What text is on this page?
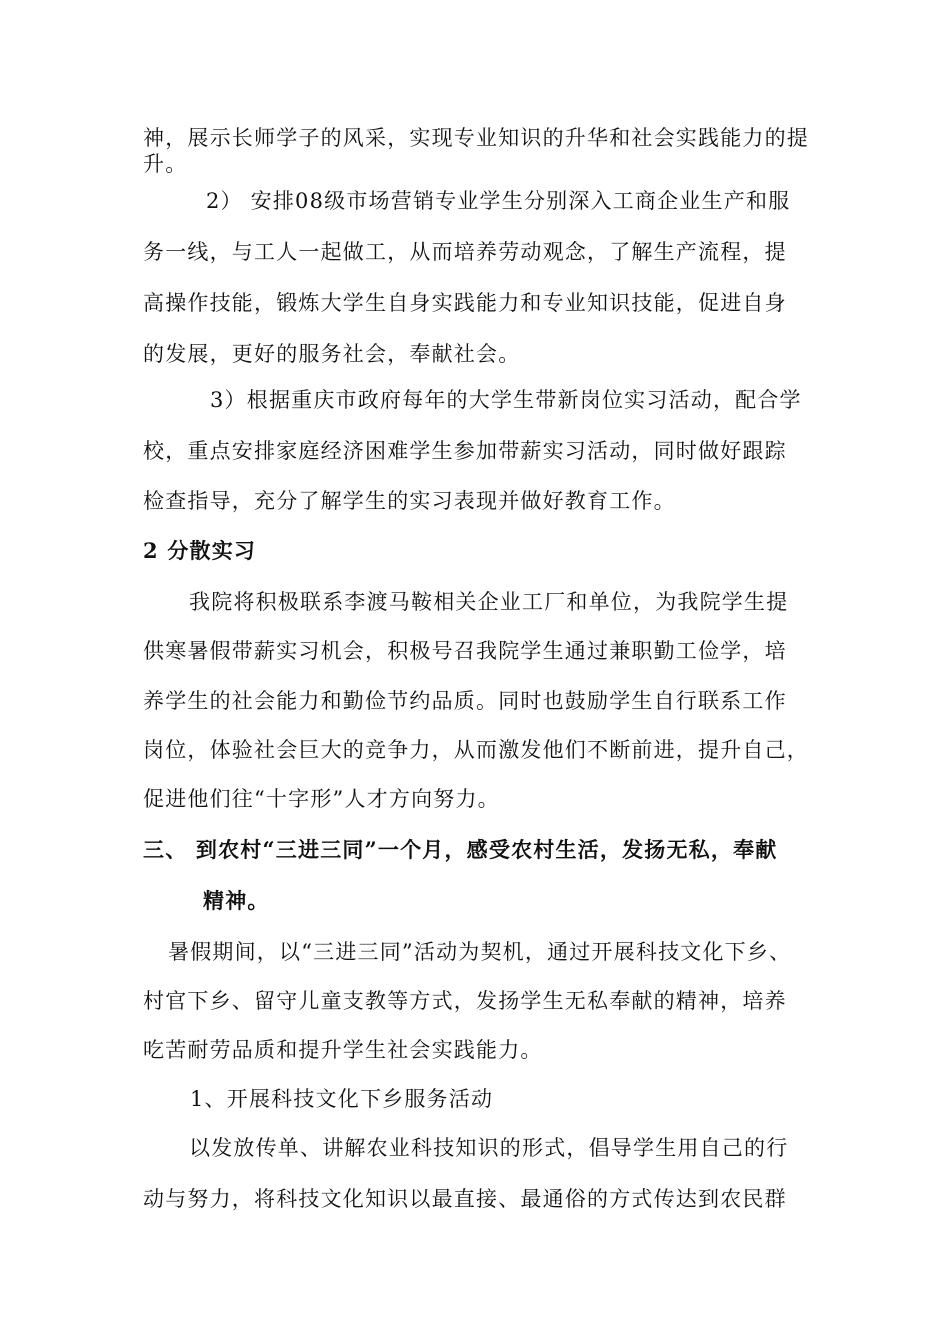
神，展示长师学子的风采，实现专业知识的升华和社会实践能力的提
升。
2） 安排08级市场营销专业学生分别深入工商企业生产和服
务一线，与工人一起做工，从而培养劳动观念，了解生产流程，提
高操作技能，锻炼大学生自身实践能力和专业知识技能，促进自身
的发展，更好的服务社会，奉献社会。
3）根据重庆市政府每年的大学生带新岗位实习活动，配合学
校，重点安排家庭经济困难学生参加带薪实习活动，同时做好跟踪
检查指导，充分了解学生的实习表现并做好教育工作。
2 分散实习
我院将积极联系李渡马鞍相关企业工厂和单位，为我院学生提
供寒暑假带薪实习机会，积极号召我院学生通过兼职勤工俭学，培
养学生的社会能力和勤俭节约品质。同时也鼓励学生自行联系工作
岗位，体验社会巨大的竞争力，从而激发他们不断前进，提升自己，
促进他们往“十字形”人才方向努力。
三、 到农村“三进三同”一个月，感受农村生活，发扬无私，奉献
精神。
暑假期间，以“三进三同”活动为契机，通过开展科技文化下乡、
村官下乡、留守儿童支教等方式，发扬学生无私奉献的精神，培养
吃苦耐劳品质和提升学生社会实践能力。
1、开展科技文化下乡服务活动
以发放传单、讲解农业科技知识的形式，倡导学生用自己的行
动与努力，将科技文化知识以最直接、最通俗的方式传达到农民群
